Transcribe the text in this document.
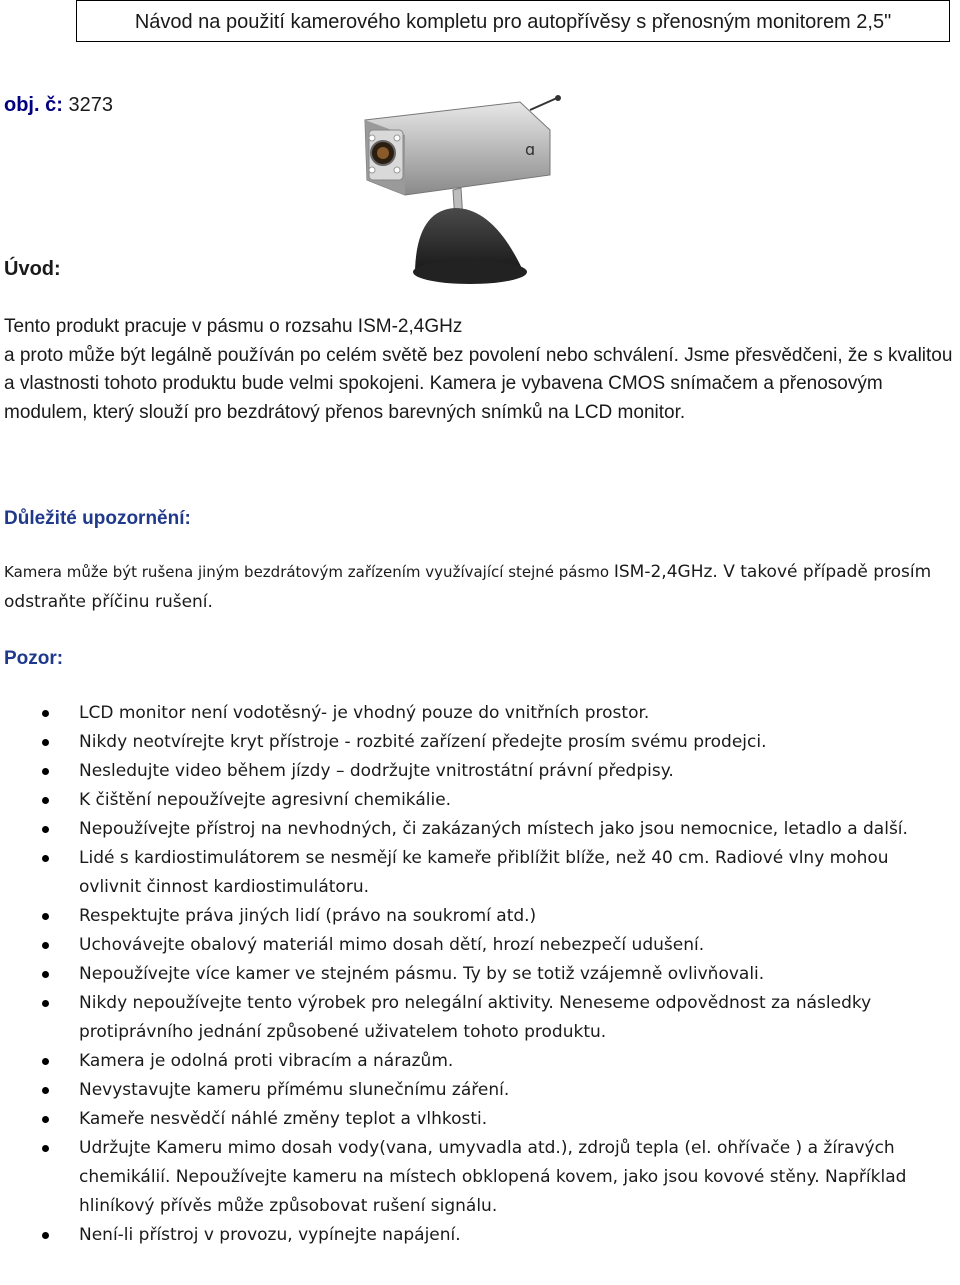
Návod na použití kamerového kompletu pro autopřívěsy s přenosným monitorem 2,5"
obj. č: 3273
ɑ
Úvod:

Tento produkt pracuje v pásmu o rozsahu ISM-2,4GHz

a proto může být legálně používán po celém světě bez povolení nebo schválení. Jsme přesvědčeni, že s kvalitou a vlastnosti tohoto produktu bude velmi spokojeni. Kamera je vybavena CMOS snímačem a přenosovým modulem, který slouží pro bezdrátový přenos barevných snímků na LCD monitor.

Důležité upozornění:
Kamera může být rušena jiným bezdrátovým zařízením využívající stejné pásmo ISM-2,4GHz. V takové případě prosím odstraňte příčinu rušení.
Pozor:
LCD monitor není vodotěsný- je vhodný pouze do vnitřních prostor.
Nikdy neotvírejte kryt přístroje - rozbité zařízení předejte prosím svému prodejci.
Nesledujte video během jízdy – dodržujte vnitrostátní právní předpisy.
K čištění nepoužívejte agresivní chemikálie.
Nepoužívejte přístroj na nevhodných, či zakázaných místech jako jsou nemocnice, letadlo a další.
Lidé s kardiostimulátorem se nesmějí ke kameře přiblížit blíže, než 40 cm. Radiové vlny mohou ovlivnit činnost kardiostimulátoru.
Respektujte práva jiných lidí (právo na soukromí atd.)
Uchovávejte obalový materiál mimo dosah dětí, hrozí nebezpečí udušení.
Nepoužívejte více kamer ve stejném pásmu. Ty by se totiž vzájemně ovlivňovali.
Nikdy nepoužívejte tento výrobek pro nelegální aktivity. Neneseme odpovědnost za následky protiprávního jednání způsobené uživatelem tohoto produktu.
Kamera je odolná proti vibracím a nárazům.
Nevystavujte kameru přímému slunečnímu záření.
Kameře nesvědčí náhlé změny teplot a vlhkosti.
Udržujte Kameru mimo dosah vody(vana, umyvadla atd.), zdrojů tepla (el. ohřívače ) a žíravých chemikálií. Nepoužívejte kameru na místech obklopená kovem, jako jsou kovové stěny. Například hliníkový přívěs může způsobovat rušení signálu.
Není-li přístroj v provozu, vypínejte napájení.
